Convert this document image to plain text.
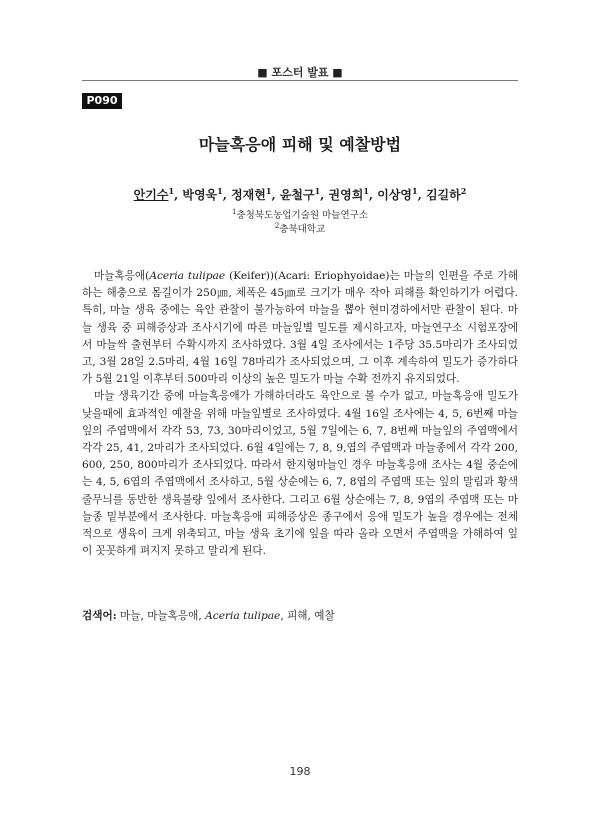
■ 포스터 발표 ■
P090
마늘혹응애 피해 및 예찰방법
안기수$^1$, 박영욱$^1$, 정재현$^1$, 윤철구$^1$, 권영희$^1$, 이상영$^1$, 김길하$^2$
$^1$충청북도농업기술원 마늘연구소
$^2$충북대학교

마늘혹응애(Aceria tulipae (Keifer))(Acari: Eriophyoidae)는 마늘의 인편을 주로 가해하는 해충으로 몸길이가 250㎛, 체폭은 45㎛로 크기가 매우 작아 피해를 확인하기가 어렵다. 특히, 마늘 생육 중에는 육안 관찰이 불가능하여 마늘을 뽑아 현미경하에서만 관찰이 된다. 마늘 생육 중 피해증상과 조사시기에 따른 마늘잎별 밀도를 제시하고자, 마늘연구소 시험포장에서 마늘싹 출현부터 수확시까지 조사하였다. 3월 4일 조사에서는 1주당 35.5마리가 조사되었고, 3월 28일 2.5마리, 4월 16일 78마리가 조사되었으며, 그 이후 계속하여 밀도가 증가하다가 5월 21일 이후부터 500마리 이상의 높은 밀도가 마늘 수확 전까지 유지되었다.

마늘 생육기간 중에 마늘혹응애가 가해하더라도 육안으로 볼 수가 없고, 마늘혹응애 밀도가 낮을때에 효과적인 예찰을 위해 마늘잎별로 조사하였다. 4월 16일 조사에는 4, 5, 6번째 마늘잎의 주엽맥에서 각각 53, 73, 30마리이었고, 5월 7일에는 6, 7, 8번째 마늘잎의 주엽맥에서 각각 25, 41, 2마리가 조사되었다. 6월 4일에는 7, 8, 9,엽의 주엽맥과 마늘종에서 각각 200, 600, 250, 800마리가 조사되었다. 따라서 한지형마늘인 경우 마늘혹응애 조사는 4월 중순에는 4, 5, 6엽의 주엽맥에서 조사하고, 5월 상순에는 6, 7, 8엽의 주엽맥 또는 잎의 말림과 황색줄무늬를 동반한 생육불량 잎에서 조사한다. 그리고 6월 상순에는 7, 8, 9엽의 주엽맥 또는 마늘종 밑부분에서 조사한다. 마늘혹응애 피해증상은 종구에서 응애 밀도가 높을 경우에는 전체적으로 생육이 크게 위축되고, 마늘 생육 초기에 잎을 따라 올라 오면서 주엽맥을 가해하여 잎이 꼿꼿하게 펴지지 못하고 말리게 된다.

검색어: 마늘, 마늘혹응애, Aceria tulipae, 피해, 예찰
198
